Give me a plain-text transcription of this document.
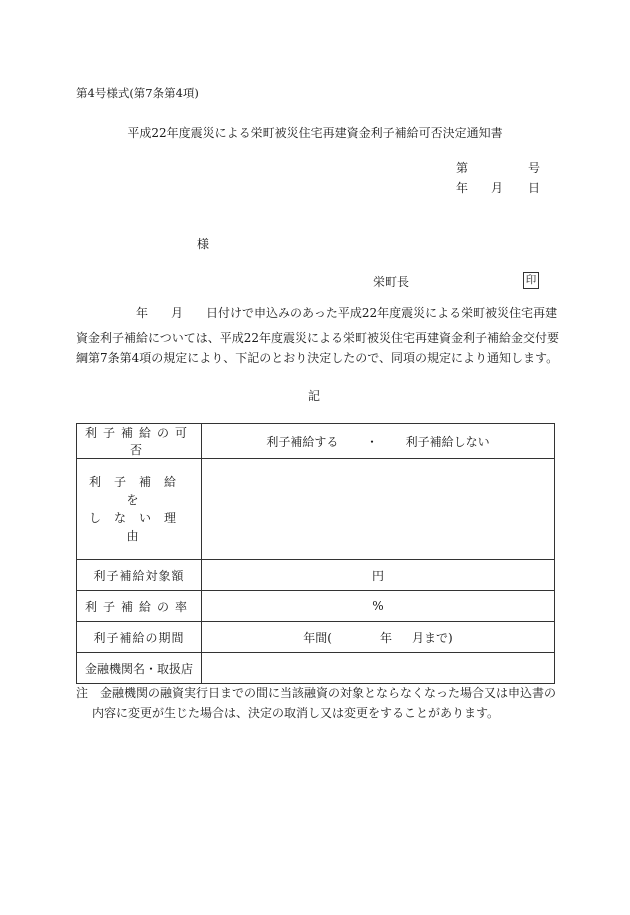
第4号様式(第7条第4項)
平成22年度震災による栄町被災住宅再建資金利子補給可否決定通知書
第	号
年 月 日
様
栄町長	印
年 月 日付けで申込みのあった平成22年度震災による栄町被災住宅再建
資金利子補給については、平成22年度震災による栄町被災住宅再建資金利子補給金交付要
綱第7条第4項の規定により、下記のとおり決定したので、同項の規定により通知します。
記
利子補給の可否	利子補給する ・ 利子補給しない
利子補給を
しない理由	
利子補給対象額	円
利子補給の率	%
利子補給の期間	年間( 年 月まで)
金融機関名・取扱店	
注　金融機関の融資実行日までの間に当該融資の対象とならなくなった場合又は申込書の
内容に変更が生じた場合は、決定の取消し又は変更をすることがあります。
